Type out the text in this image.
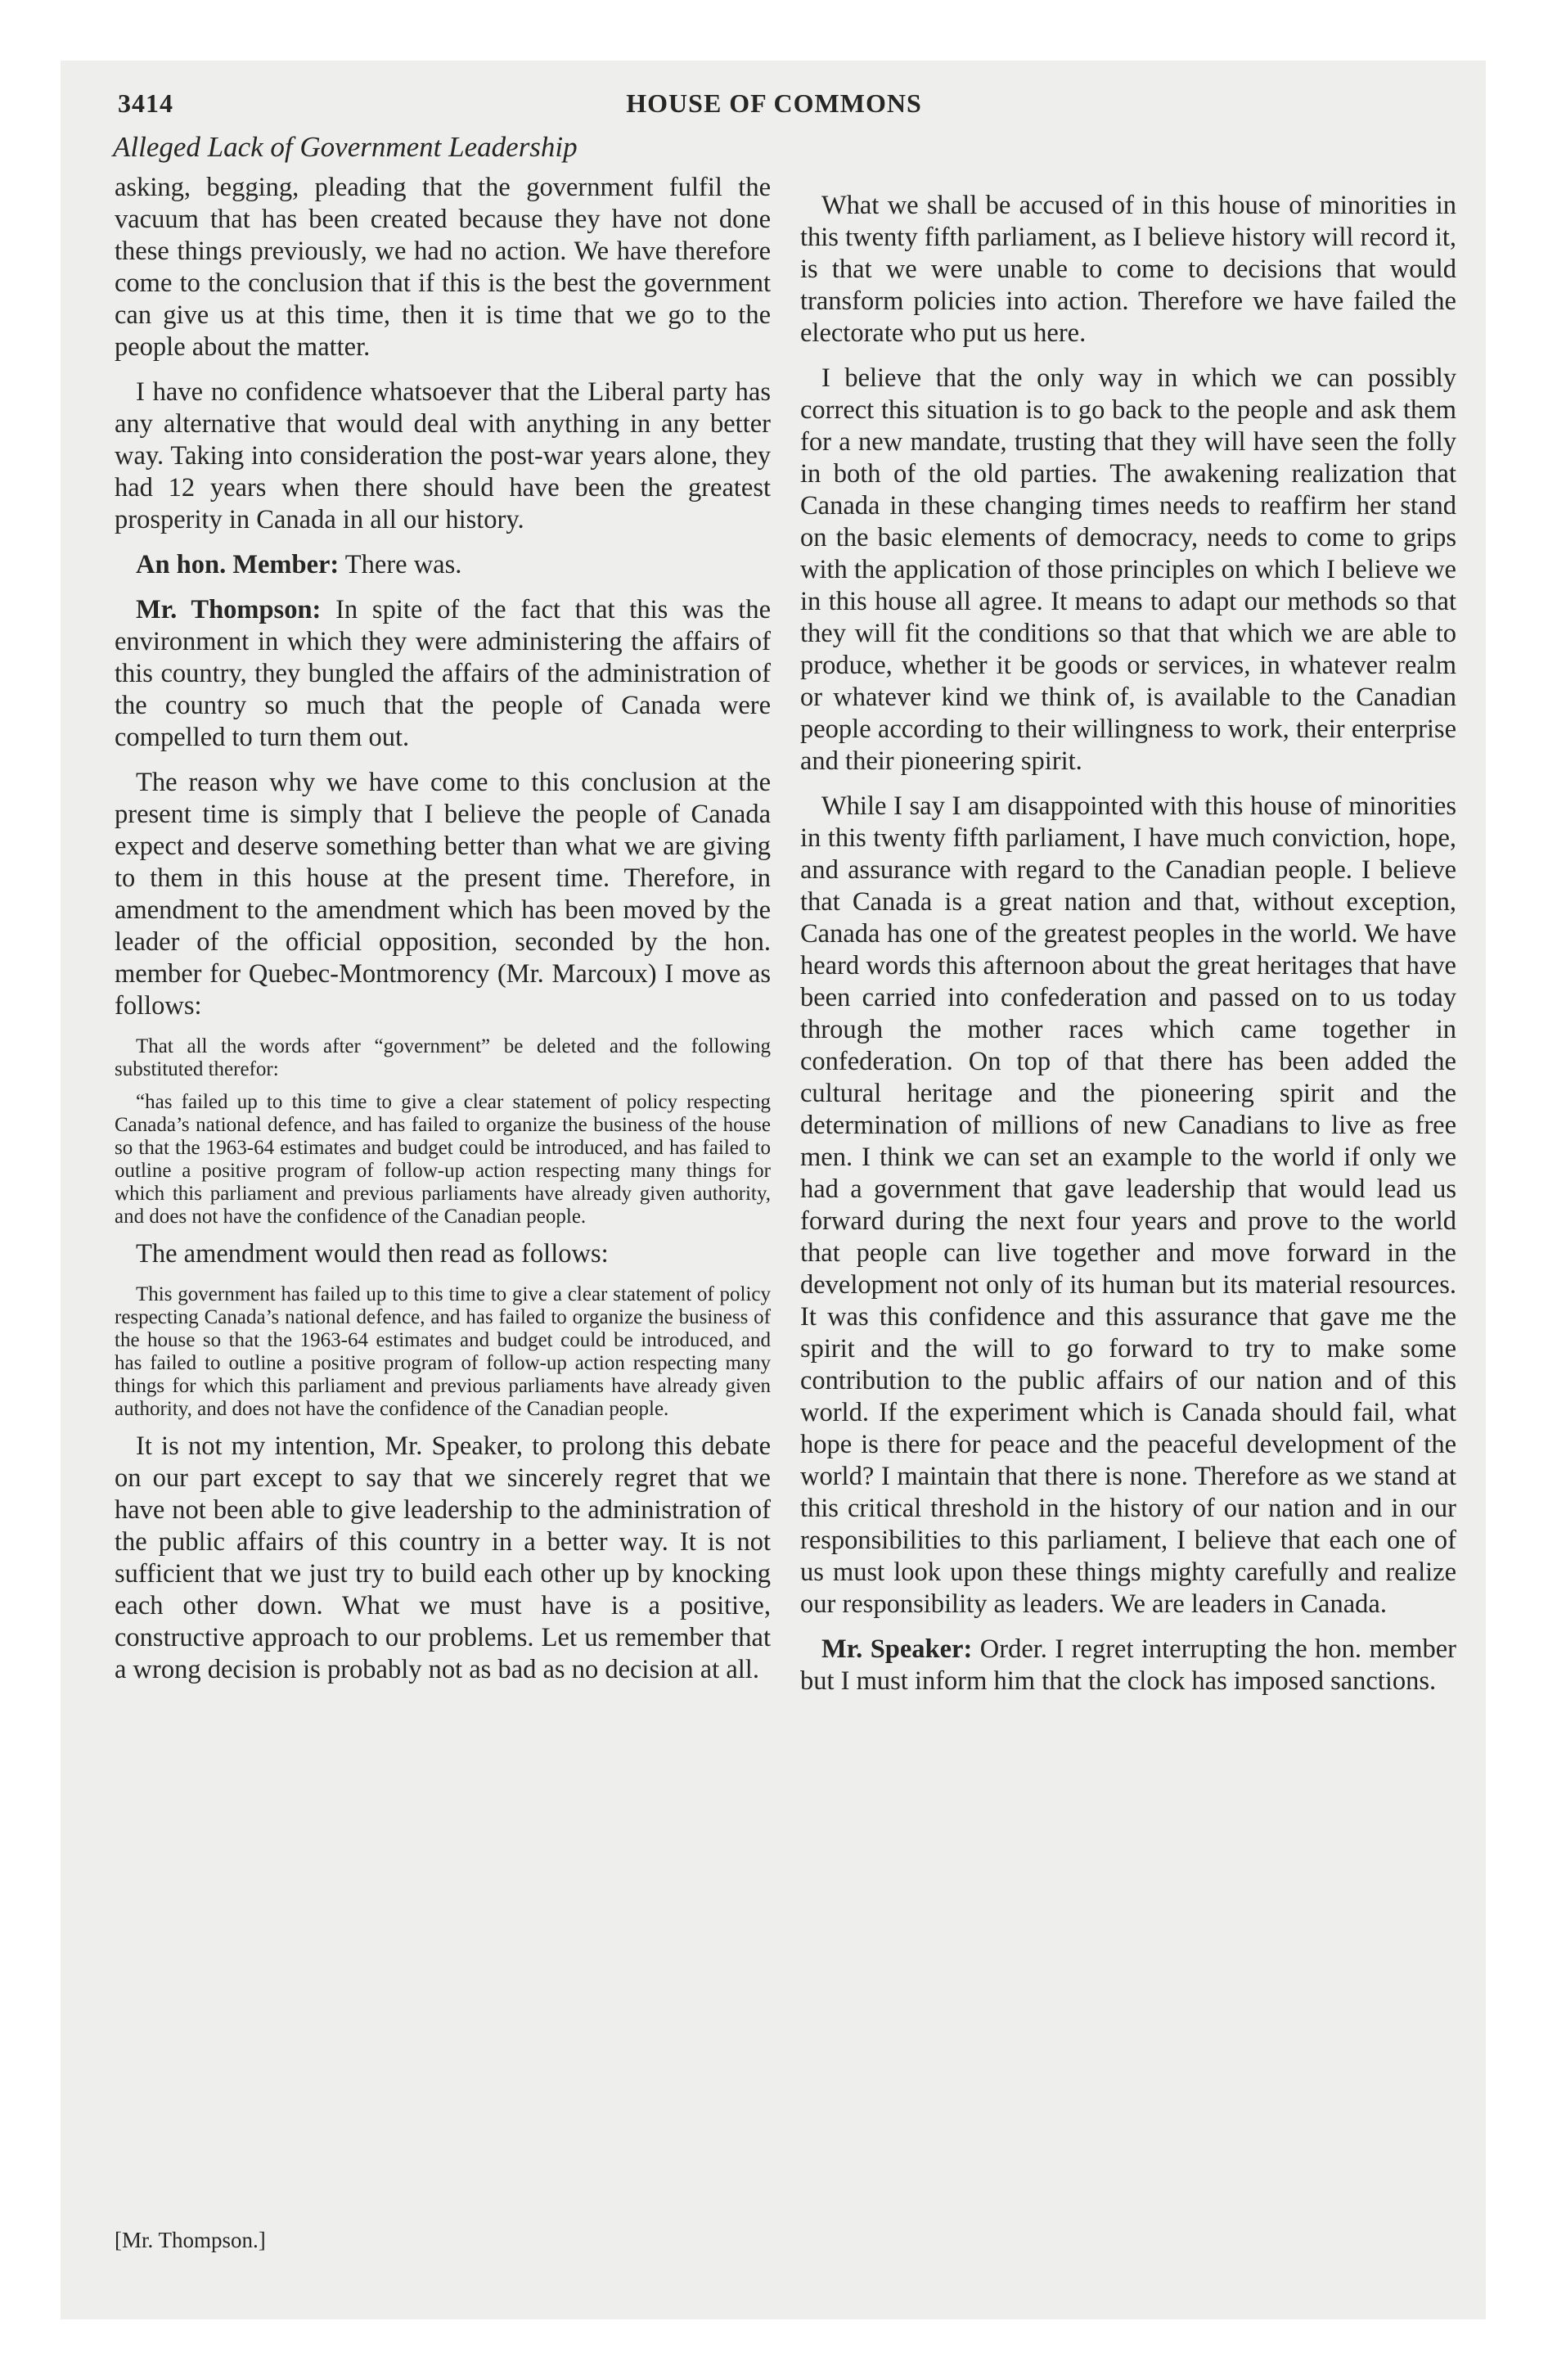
3414	HOUSE OF COMMONS
Alleged Lack of Government Leadership

asking, begging, pleading that the government fulfil the vacuum that has been created because they have not done these things previously, we had no action. We have therefore come to the conclusion that if this is the best the government can give us at this time, then it is time that we go to the people about the matter.

I have no confidence whatsoever that the Liberal party has any alternative that would deal with anything in any better way. Taking into consideration the post-war years alone, they had 12 years when there should have been the greatest prosperity in Canada in all our history.

An hon. Member: There was.

Mr. Thompson: In spite of the fact that this was the environment in which they were administering the affairs of this country, they bungled the affairs of the administration of the country so much that the people of Canada were compelled to turn them out.

The reason why we have come to this conclusion at the present time is simply that I believe the people of Canada expect and deserve something better than what we are giving to them in this house at the present time. Therefore, in amendment to the amendment which has been moved by the leader of the official opposition, seconded by the hon. member for Quebec-Montmorency (Mr. Marcoux) I move as follows:

That all the words after “government” be deleted and the following substituted therefor:
“has failed up to this time to give a clear statement of policy respecting Canada’s national defence, and has failed to organize the business of the house so that the 1963-64 estimates and budget could be introduced, and has failed to outline a positive program of follow-up action respecting many things for which this parliament and previous parliaments have already given authority, and does not have the confidence of the Canadian people.

The amendment would then read as follows:

This government has failed up to this time to give a clear statement of policy respecting Canada’s national defence, and has failed to organize the business of the house so that the 1963-64 estimates and budget could be introduced, and has failed to outline a positive program of follow-up action respecting many things for which this parliament and previous parliaments have already given authority, and does not have the confidence of the Canadian people.

It is not my intention, Mr. Speaker, to prolong this debate on our part except to say that we sincerely regret that we have not been able to give leadership to the administration of the public affairs of this country in a better way. It is not sufficient that we just try to build each other up by knocking each other down. What we must have is a positive, constructive approach to our problems. Let us remember that a wrong decision is probably not as bad as no decision at all.

What we shall be accused of in this house of minorities in this twenty fifth parliament, as I believe history will record it, is that we were unable to come to decisions that would transform policies into action. Therefore we have failed the electorate who put us here.

I believe that the only way in which we can possibly correct this situation is to go back to the people and ask them for a new mandate, trusting that they will have seen the folly in both of the old parties. The awakening realization that Canada in these changing times needs to reaffirm her stand on the basic elements of democracy, needs to come to grips with the application of those principles on which I believe we in this house all agree. It means to adapt our methods so that they will fit the conditions so that that which we are able to produce, whether it be goods or services, in whatever realm or whatever kind we think of, is available to the Canadian people according to their willingness to work, their enterprise and their pioneering spirit.

While I say I am disappointed with this house of minorities in this twenty fifth parliament, I have much conviction, hope, and assurance with regard to the Canadian people. I believe that Canada is a great nation and that, without exception, Canada has one of the greatest peoples in the world. We have heard words this afternoon about the great heritages that have been carried into confederation and passed on to us today through the mother races which came together in confederation. On top of that there has been added the cultural heritage and the pioneering spirit and the determination of millions of new Canadians to live as free men. I think we can set an example to the world if only we had a government that gave leadership that would lead us forward during the next four years and prove to the world that people can live together and move forward in the development not only of its human but its material resources. It was this confidence and this assurance that gave me the spirit and the will to go forward to try to make some contribution to the public affairs of our nation and of this world. If the experiment which is Canada should fail, what hope is there for peace and the peaceful development of the world? I maintain that there is none. Therefore as we stand at this critical threshold in the history of our nation and in our responsibilities to this parliament, I believe that each one of us must look upon these things mighty carefully and realize our responsibility as leaders. We are leaders in Canada.

Mr. Speaker: Order. I regret interrupting the hon. member but I must inform him that the clock has imposed sanctions.

[Mr. Thompson.]
